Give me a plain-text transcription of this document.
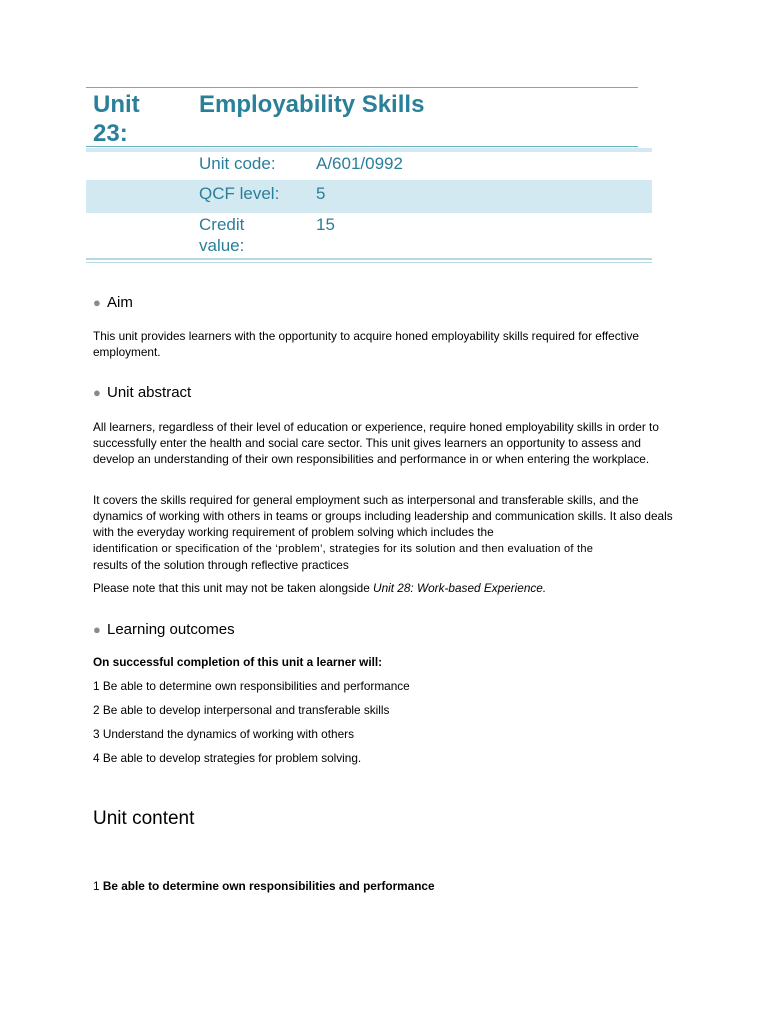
Unit
23:
Employability Skills
Unit code:	A/601/0992
QCF level:	5
Credit
value:
15
● Aim

This unit provides learners with the opportunity to acquire honed employability skills required for effective employment.

● Unit abstract

All learners, regardless of their level of education or experience, require honed employability skills in order to successfully enter the health and social care sector. This unit gives learners an opportunity to assess and develop an understanding of their own responsibilities and performance in or when entering the workplace.

It covers the skills required for general employment such as interpersonal and transferable skills, and the dynamics of working with others in teams or groups including leadership and communication skills. It also deals with the everyday working requirement of problem solving which includes the
identification or specification of the ‘problem’, strategies for its solution and then evaluation of the
results of the solution through reflective practices

Please note that this unit may not be taken alongside Unit 28: Work-based Experience.

● Learning outcomes

On successful completion of this unit a learner will:

1 Be able to determine own responsibilities and performance

2 Be able to develop interpersonal and transferable skills

3 Understand the dynamics of working with others

4 Be able to develop strategies for problem solving.

Unit content

1 Be able to determine own responsibilities and performance
